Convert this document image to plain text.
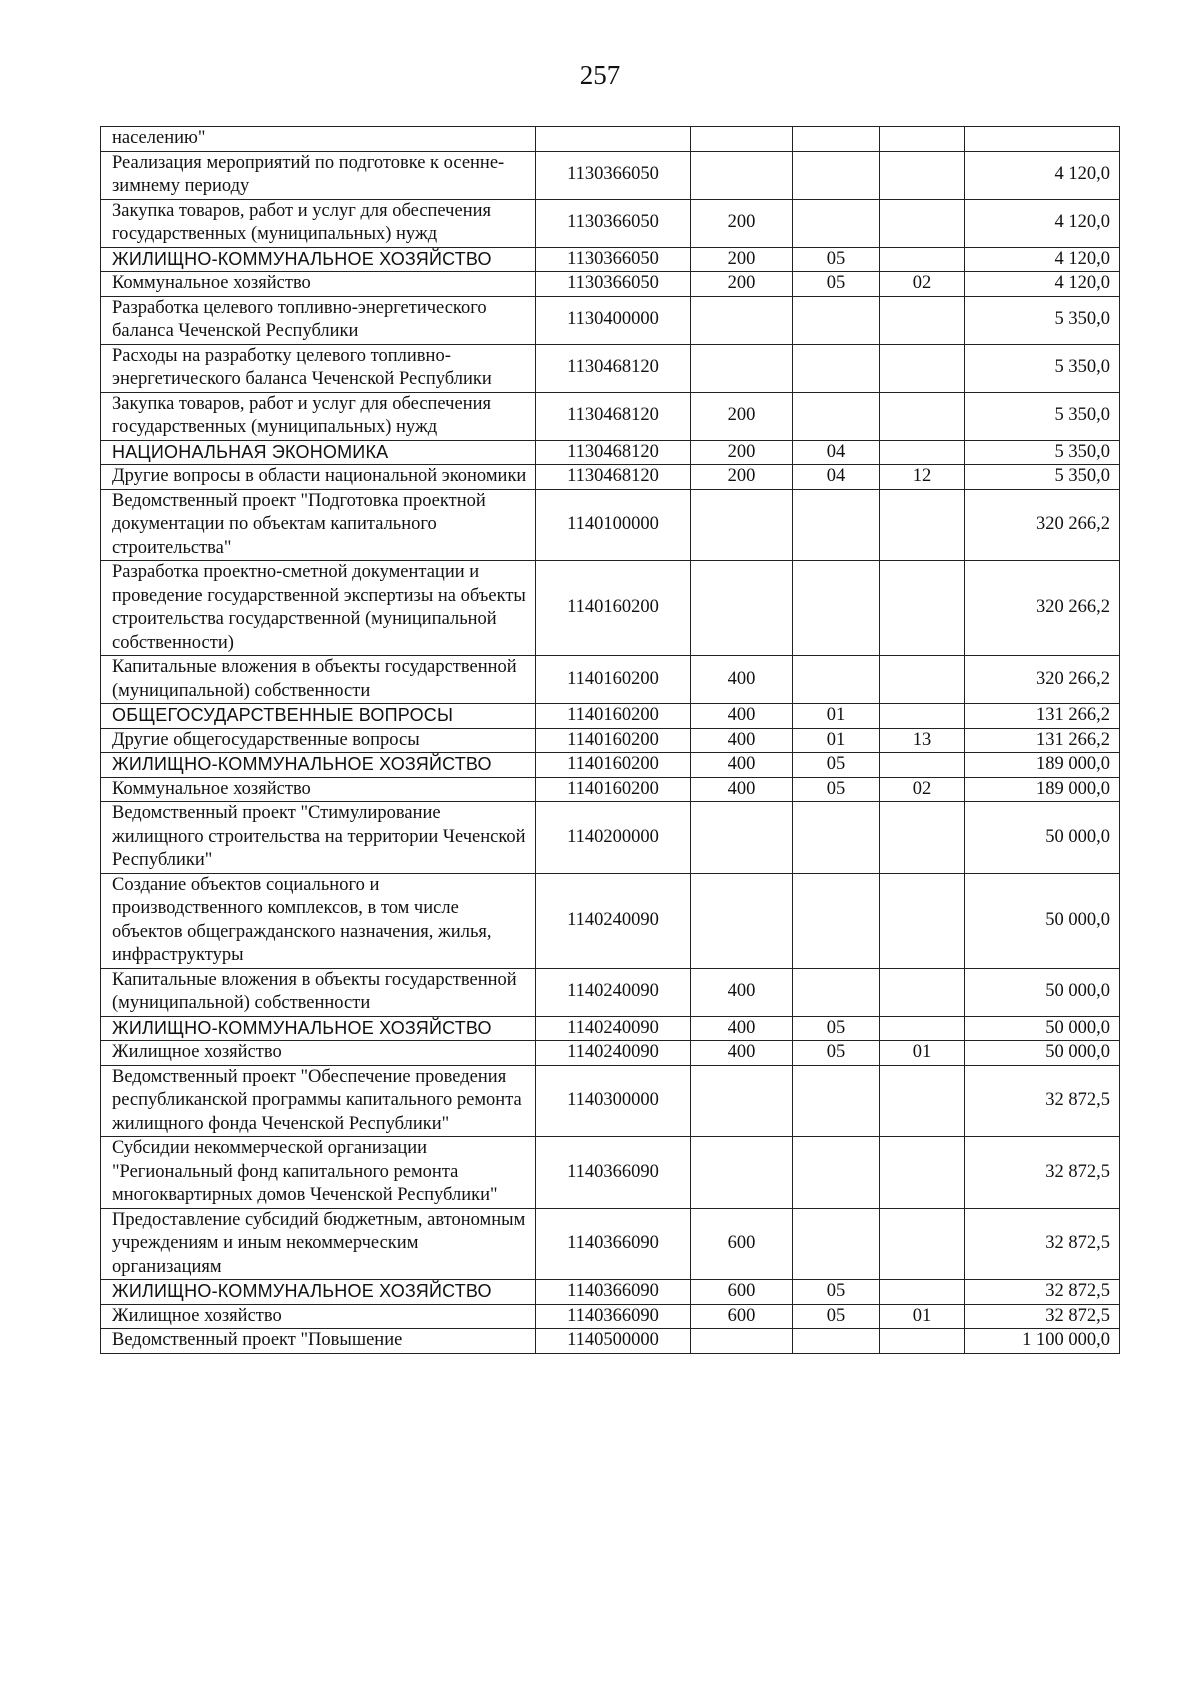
257
населению"					
Реализация мероприятий по подготовке к осенне-зимнему периоду	1130366050				4 120,0
Закупка товаров, работ и услуг для обеспечения государственных (муниципальных) нужд	1130366050	200			4 120,0
ЖИЛИЩНО-КОММУНАЛЬНОЕ ХОЗЯЙСТВО	1130366050	200	05		4 120,0
Коммунальное хозяйство	1130366050	200	05	02	4 120,0
Разработка целевого топливно-энергетического баланса Чеченской Республики	1130400000				5 350,0
Расходы на разработку целевого топливно-энергетического баланса Чеченской Республики	1130468120				5 350,0
Закупка товаров, работ и услуг для обеспечения государственных (муниципальных) нужд	1130468120	200			5 350,0
НАЦИОНАЛЬНАЯ ЭКОНОМИКА	1130468120	200	04		5 350,0
Другие вопросы в области национальной экономики	1130468120	200	04	12	5 350,0
Ведомственный проект "Подготовка проектной документации по объектам капитального строительства"	1140100000				320 266,2
Разработка проектно-сметной документации и проведение государственной экспертизы на объекты строительства государственной (муниципальной собственности)	1140160200				320 266,2
Капитальные вложения в объекты государственной (муниципальной) собственности	1140160200	400			320 266,2
ОБЩЕГОСУДАРСТВЕННЫЕ ВОПРОСЫ	1140160200	400	01		131 266,2
Другие общегосударственные вопросы	1140160200	400	01	13	131 266,2
ЖИЛИЩНО-КОММУНАЛЬНОЕ ХОЗЯЙСТВО	1140160200	400	05		189 000,0
Коммунальное хозяйство	1140160200	400	05	02	189 000,0
Ведомственный проект "Стимулирование жилищного строительства на территории Чеченской Республики"	1140200000				50 000,0
Создание объектов социального и производственного комплексов, в том числе объектов общегражданского назначения, жилья, инфраструктуры	1140240090				50 000,0
Капитальные вложения в объекты государственной (муниципальной) собственности	1140240090	400			50 000,0
ЖИЛИЩНО-КОММУНАЛЬНОЕ ХОЗЯЙСТВО	1140240090	400	05		50 000,0
Жилищное хозяйство	1140240090	400	05	01	50 000,0
Ведомственный проект "Обеспечение проведения республиканской программы капитального ремонта жилищного фонда Чеченской Республики"	1140300000				32 872,5
Субсидии некоммерческой организации "Региональный фонд капитального ремонта многоквартирных домов Чеченской Республики"	1140366090				32 872,5
Предоставление субсидий бюджетным, автономным учреждениям и иным некоммерческим организациям	1140366090	600			32 872,5
ЖИЛИЩНО-КОММУНАЛЬНОЕ ХОЗЯЙСТВО	1140366090	600	05		32 872,5
Жилищное хозяйство	1140366090	600	05	01	32 872,5
Ведомственный проект "Повышение	1140500000				1 100 000,0
